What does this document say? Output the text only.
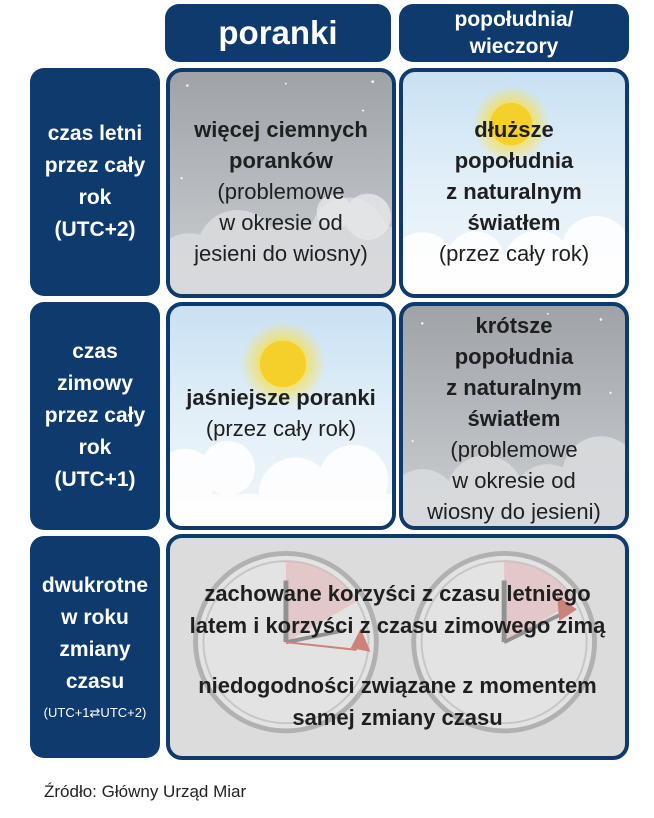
poranki	popołudnia/
wieczory
czas letni
przez cały
rok
(UTC+2)
czas
zimowy
przez cały
rok
(UTC+1)
dwukrotne
w roku
zmiany
czasu
(UTC+1⇄UTC+2)
więcej ciemnych
poranków
(problemowe
w okresie od
jesieni do wiosny)
dłuższe
popołudnia
z naturalnym
światłem
(przez cały rok)
jaśniejsze poranki
(przez cały rok)
krótsze
popołudnia
z naturalnym
światłem
(problemowe
w okresie od
wiosny do jesieni)
zachowane korzyści z czasu letniego
latem i korzyści z czasu zimowego zimą
niedogodności związane z momentem
samej zmiany czasu
Źródło: Główny Urząd Miar
